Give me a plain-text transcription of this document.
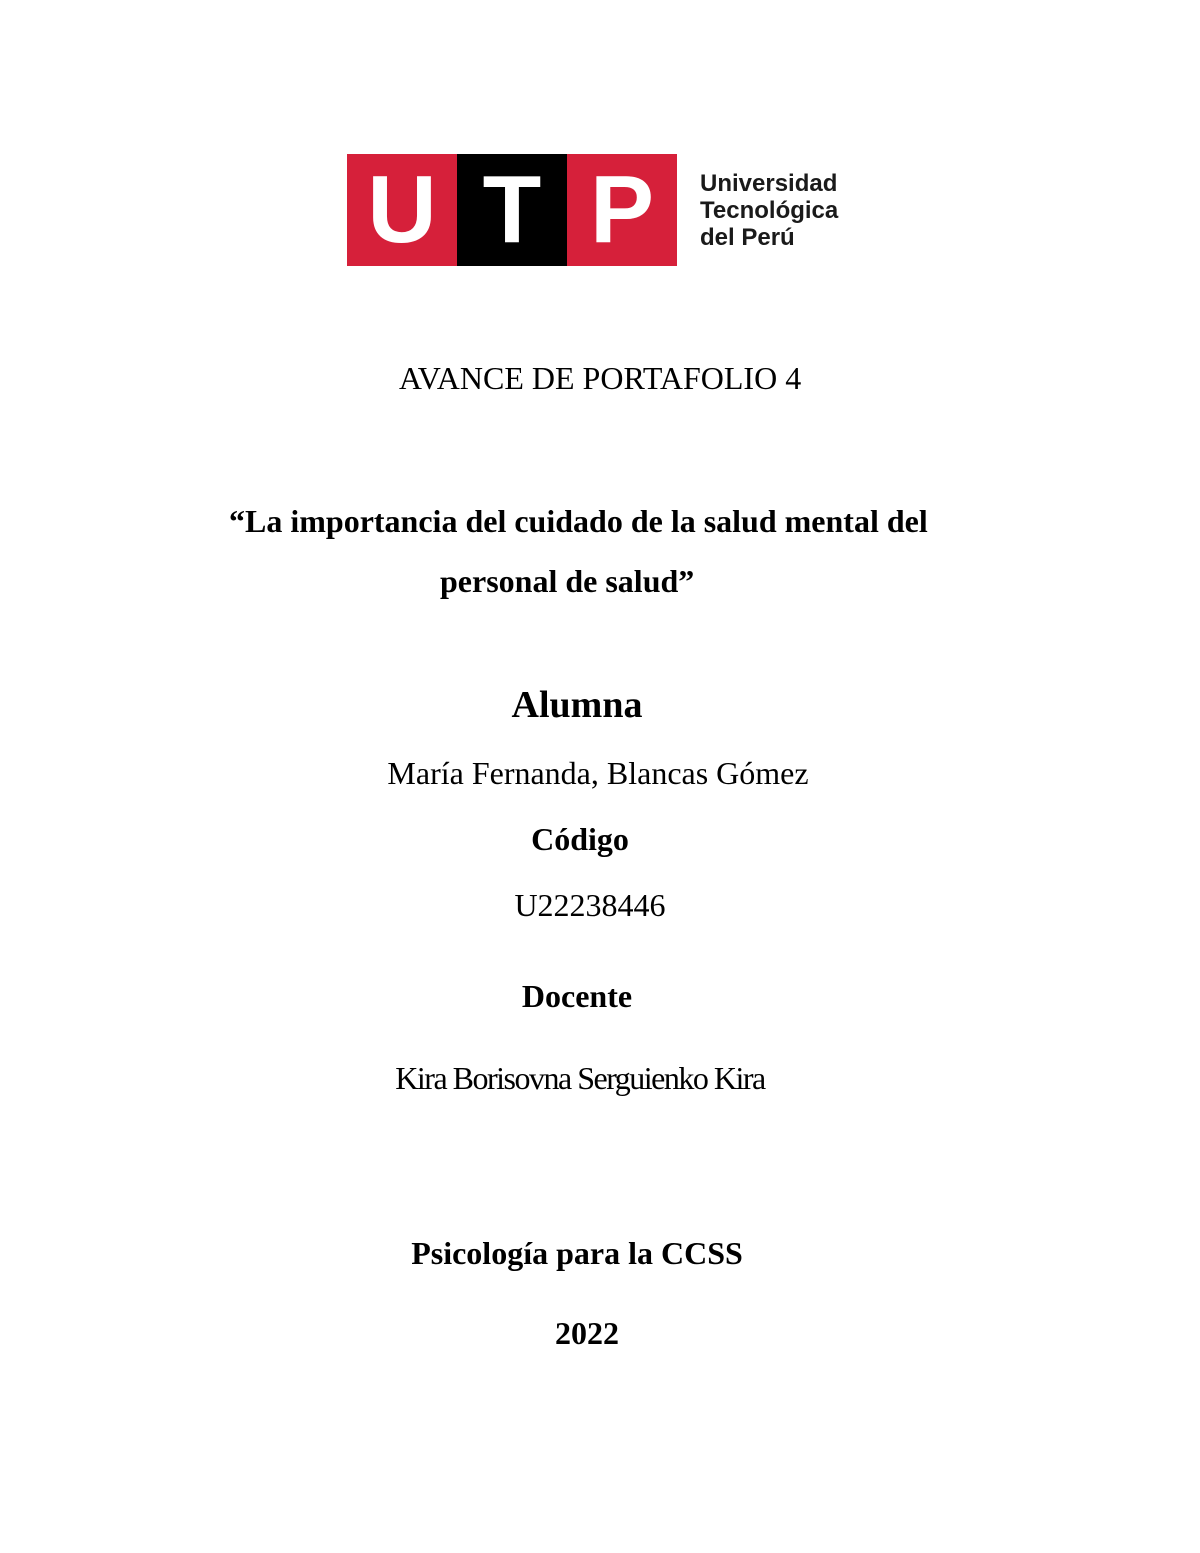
U T P	Universidad
Tecnológica
del Perú
AVANCE DE PORTAFOLIO 4
“La importancia del cuidado de la salud mental del
personal de salud”
Alumna
María Fernanda, Blancas Gómez
Código
U22238446
Docente
Kira Borisovna Serguienko Kira
Psicología para la CCSS
2022
